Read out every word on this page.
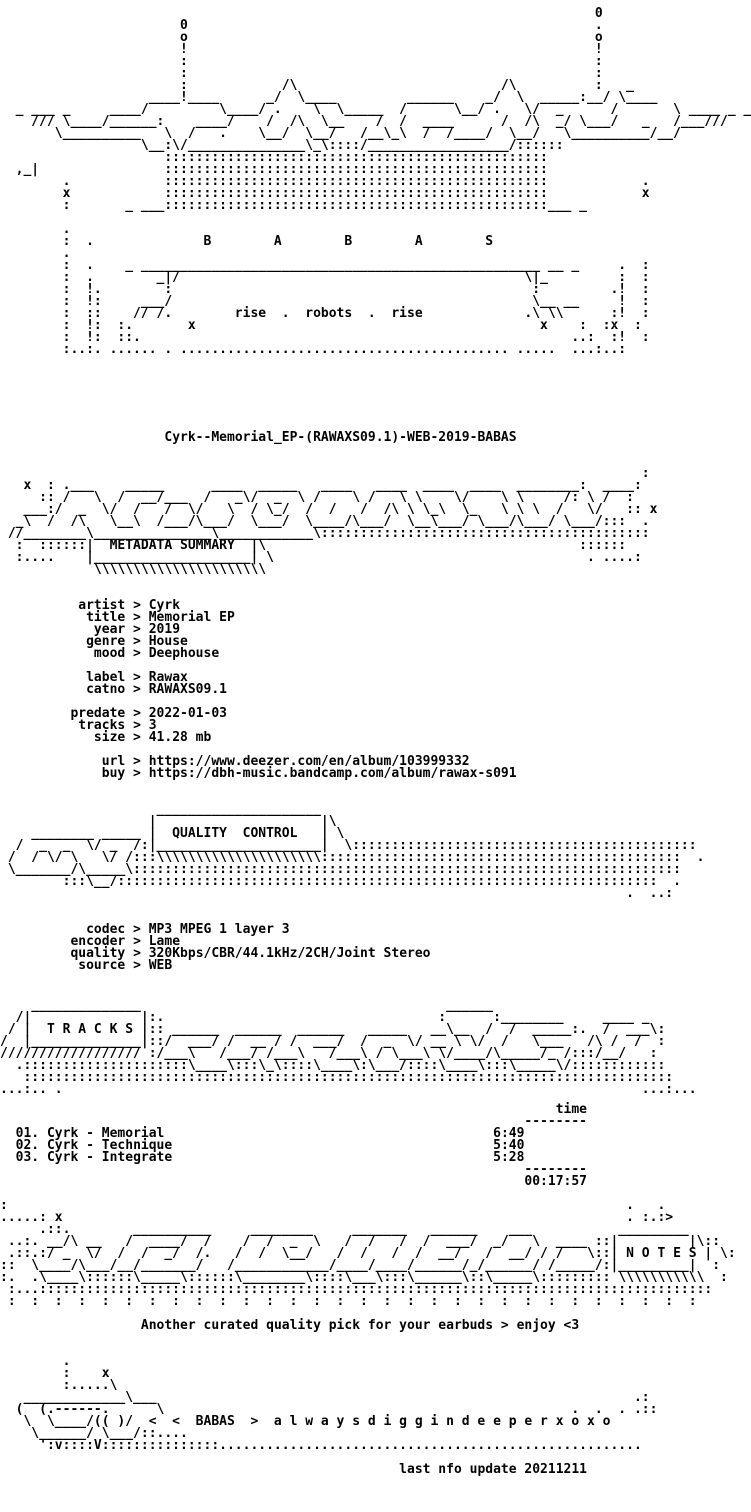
0
0                                                    .
o                                                    o
!                                                    !
:                                                    :
:                                                    :
:            /\                          /\          :   _
____!____      _/  \____         ______    _/  \  _____:__/ \____
_ ___ _     ____/         \____/ .    \  \_____  /      \__/ .   \/  _      /       \ ____ _ _
/// \____/______:    ____/    /  /\  \__    /  /  ____      /  /\  _/ \___/   _   /___///
\__________   \  /   .    \__/  \__/   /__\_\  /  /____/  \__/   \__________/__/
\__:\/_______________\_\::::/__________________/::::::
:::::::::::::::::::::::::::::::::::::::::::::::::
,_|                :::::::::::::::::::::::::::::::::::::::::::::::::
.            :::::::::::::::::::::::::::::::::::::::::::::::::            .
x            :::::::::::::::::::::::::::::::::::::::::::::::::            x
:       _ ___:::::::::::::::::::::::::::::::::::::::::::::::::___ _

.
:  .              B        A        B        A        S
.
:  .    _ ___________________________________________________ __ _     .  :
:  .        _|/                                            \|_         :  :
:  !.        :                                              :         .!  :
:  !:     ___/                                              \__ __     !  :
:  ::    // /.        rise  .  robots  .  rise             .\ \\      :!  :
:  !:  :.       x                                            x    :  :x  :
:  !:  ::.                                                       ..:  :!  :
:..:. ...... . .......................................... .....  ...:..:
Cyrk--Memorial_EP-(RAWAXS09.1)-WEB-2019-BABAS
:
x  : .___    _____      ____  _____   ____   ____  ____  ____  ________:  ____:
:: /   \  /  __/___  /   _\/  _  \ /    \ /   \ \    \/    \ \     /: \ /  :
___:/  _  \/  /   /  \/   \  / \_/  /  /   /  /\ \ \_\  \_   \ \ \  /   \/   :: x
_\  /  /\   \__\  /___/\___/  \___/  \____/\___/  \__\___/ \___/\___/ \___/:::  .
//________\_______________\____________\::::::::::::::::::::::::::::::::::::::::::
:  ::::::|  METADATA SUMMARY  |\                                        ::::::
:....    |____________________| \                                        . ....:
\\\\\\\\\\\\\\\\\\\\\\
artist > Cyrk
title > Memorial EP
year > 2019
genre > House
mood > Deephouse

label > Rawax
catno > RAWAXS09.1

predate > 2022-01-03
tracks > 3
size > 41.28 mb

url > https://www.deezer.com/en/album/103999332
buy > https://dbh-music.bandcamp.com/album/rawax-s091
_____________________
|                     |\
________ _____ |  QUALITY  CONTROL   | \
/  _  _  \/ _  /:|_____________________|  \::::::::::::::::::::::::::::::::::::::::::::
/  / \/ \   \/ /:::\\\\\\\\\\\\\\\\\\\\\::::::::::::::::::::::::::::::::::::::::::::::  .
\_______/\_____\::::::::::::::::::::::::::::::::::::::::::::::::::::::::::::::::::::::
:::\__/:::::::::::::::::::::::::::::::::::::::::::::::::::::::::::::::::::::  .
.  ..:
codec > MP3 MPEG 1 layer 3
encoder > Lame
quality > 320Kbps/CBR/44.1kHz/2CH/Joint Stereo
source > WEB
______________                                       ______
/|              |:.                                   :      :________     ____ _
/ |  T R A C K S |:: ______  ______  ______   _____   __\__  /  /  _____:.  /  ___\:
/  |______________|::/  ___/ /  __ / /  ___/  /  _  \/ __ \ \/  /   \___   /\ /  /  :
////////////////// :/___\   /___/ /___\   /___\ / \___\ \/____/\_____/_ /:::/__/   :
.:::::::::::::::::::::\____\:::\_\::::\____\:\___/::::\____\:::\_____\/::::::::::::
:::::::::::::::::::::::::::::::::::::::::::::::::::::::::::::::::::::::::::::::::::
...:.. .                                                                          ...:...
time
--------
01. Cyrk - Memorial	6:49
02. Cyrk - Technique	5:40
03. Cyrk - Integrate	5:28
--------
00:17:57
:                                                                               .   .
.....: x                                                                        . :.:>
.::.        __________     ________     _______   ______    ___           _________
..:. __/\ __   /  ____/  /    /  /  _  \   /  /   /  /  ___/  _/   \  ____ ::|         |\::
.::.:/ _  \/  /  /  _/  /.   /  /  \__/   /  /   /  /  __/   /  __/ / /   \::| N O T E S | \:
::  \____/\___/__/_______/   /____________/____/____/______/_/______/ /_____/:|_________|  :
:.  .\____\::::::\_____\::::::\________\::::\___\:::\______\::\_____\::::::::: \\\\\\\\\\\  :
:...::::::::::::::::::::::::::::::::::::::::::::::::::::::::::::::::::::::::::::::::::::::
:  :  :  :  :  :  :  :  :  :  :  :  :  :  :  :  :  :  :  :  :  :  :  :  :  :  :  :  :  :
Another curated quality pick for your earbuds > enjoy <3
.
:    x
:.....\
_____________\___                                                             .:
(  (.------.      \                                                    .  .  . .::
\  \____/(( )/  <  <  BABAS  >  a l w a y s d i g g i n d e e p e r x o x o
\______/ \___/::....
':v::::V:::::::::::::::......................................................
last nfo update 20211211
